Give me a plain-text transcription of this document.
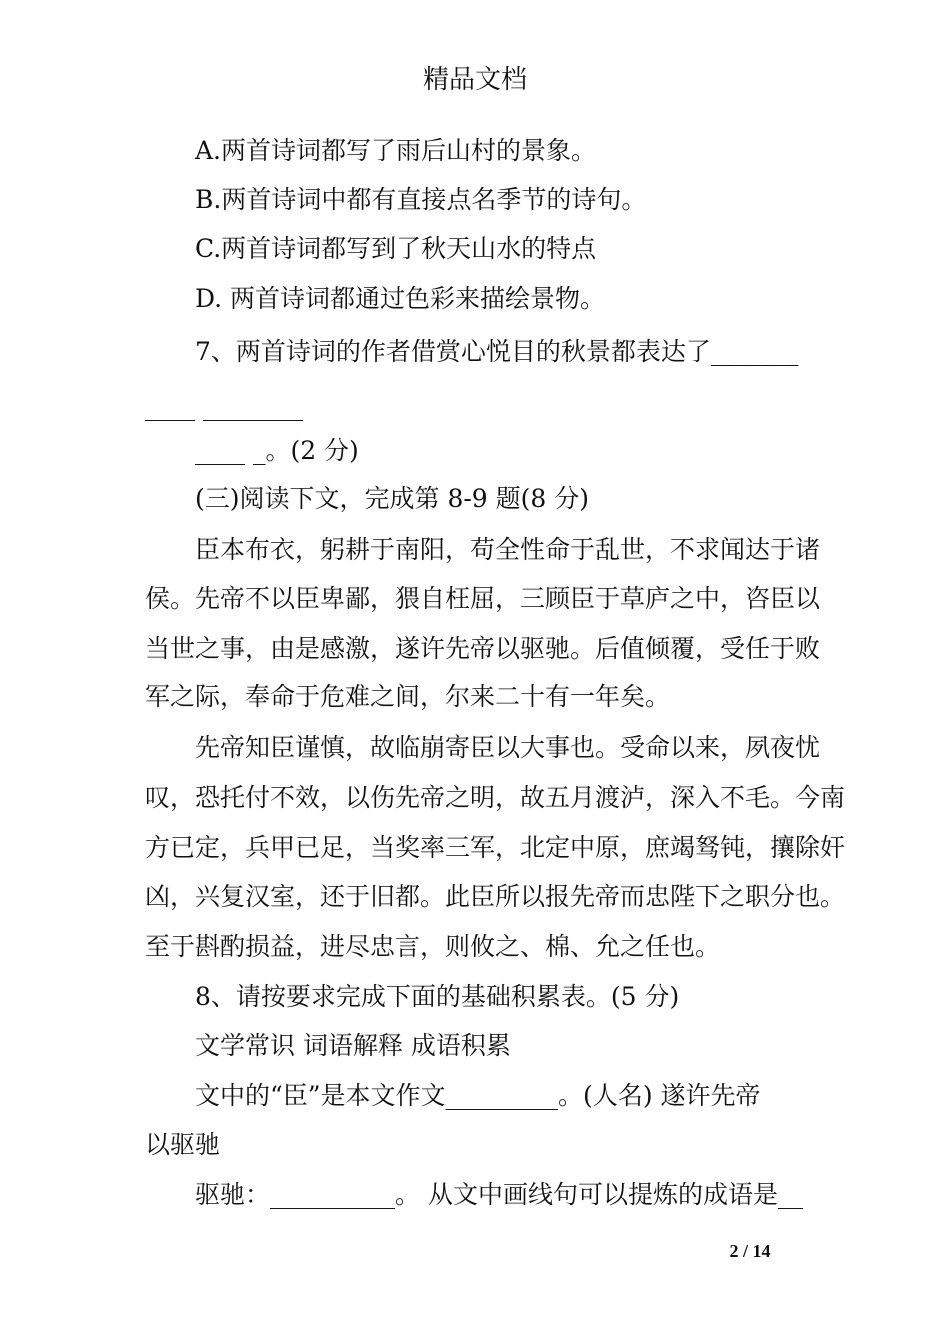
精品文档
A.两首诗词都写了雨后山村的景象。
B.两首诗词中都有直接点名季节的诗句。
C.两首诗词都写到了秋天山水的特点
D. 两首诗词都通过色彩来描绘景物。
7、两首诗词的作者借赏心悦目的秋景都表达了_______
____ ________
____ _。(2 分)
(三)阅读下文，完成第 8-9 题(8 分)
臣本布衣，躬耕于南阳，苟全性命于乱世，不求闻达于诸
侯。先帝不以臣卑鄙，猥自枉屈，三顾臣于草庐之中，咨臣以
当世之事，由是感激，遂许先帝以驱驰。后值倾覆，受任于败
军之际，奉命于危难之间，尔来二十有一年矣。
先帝知臣谨慎，故临崩寄臣以大事也。受命以来，夙夜忧
叹，恐托付不效，以伤先帝之明，故五月渡泸，深入不毛。今南
方已定，兵甲已足，当奖率三军，北定中原，庶竭驽钝，攘除奸
凶，兴复汉室，还于旧都。此臣所以报先帝而忠陛下之职分也。
至于斟酌损益，进尽忠言，则攸之、棉、允之任也。
8、请按要求完成下面的基础积累表。(5 分)
文学常识 词语解释 成语积累
文中的“臣”是本文作文_________。(人名) 遂许先帝
以驱驰
驱驰：__________。 从文中画线句可以提炼的成语是__
2 / 14
